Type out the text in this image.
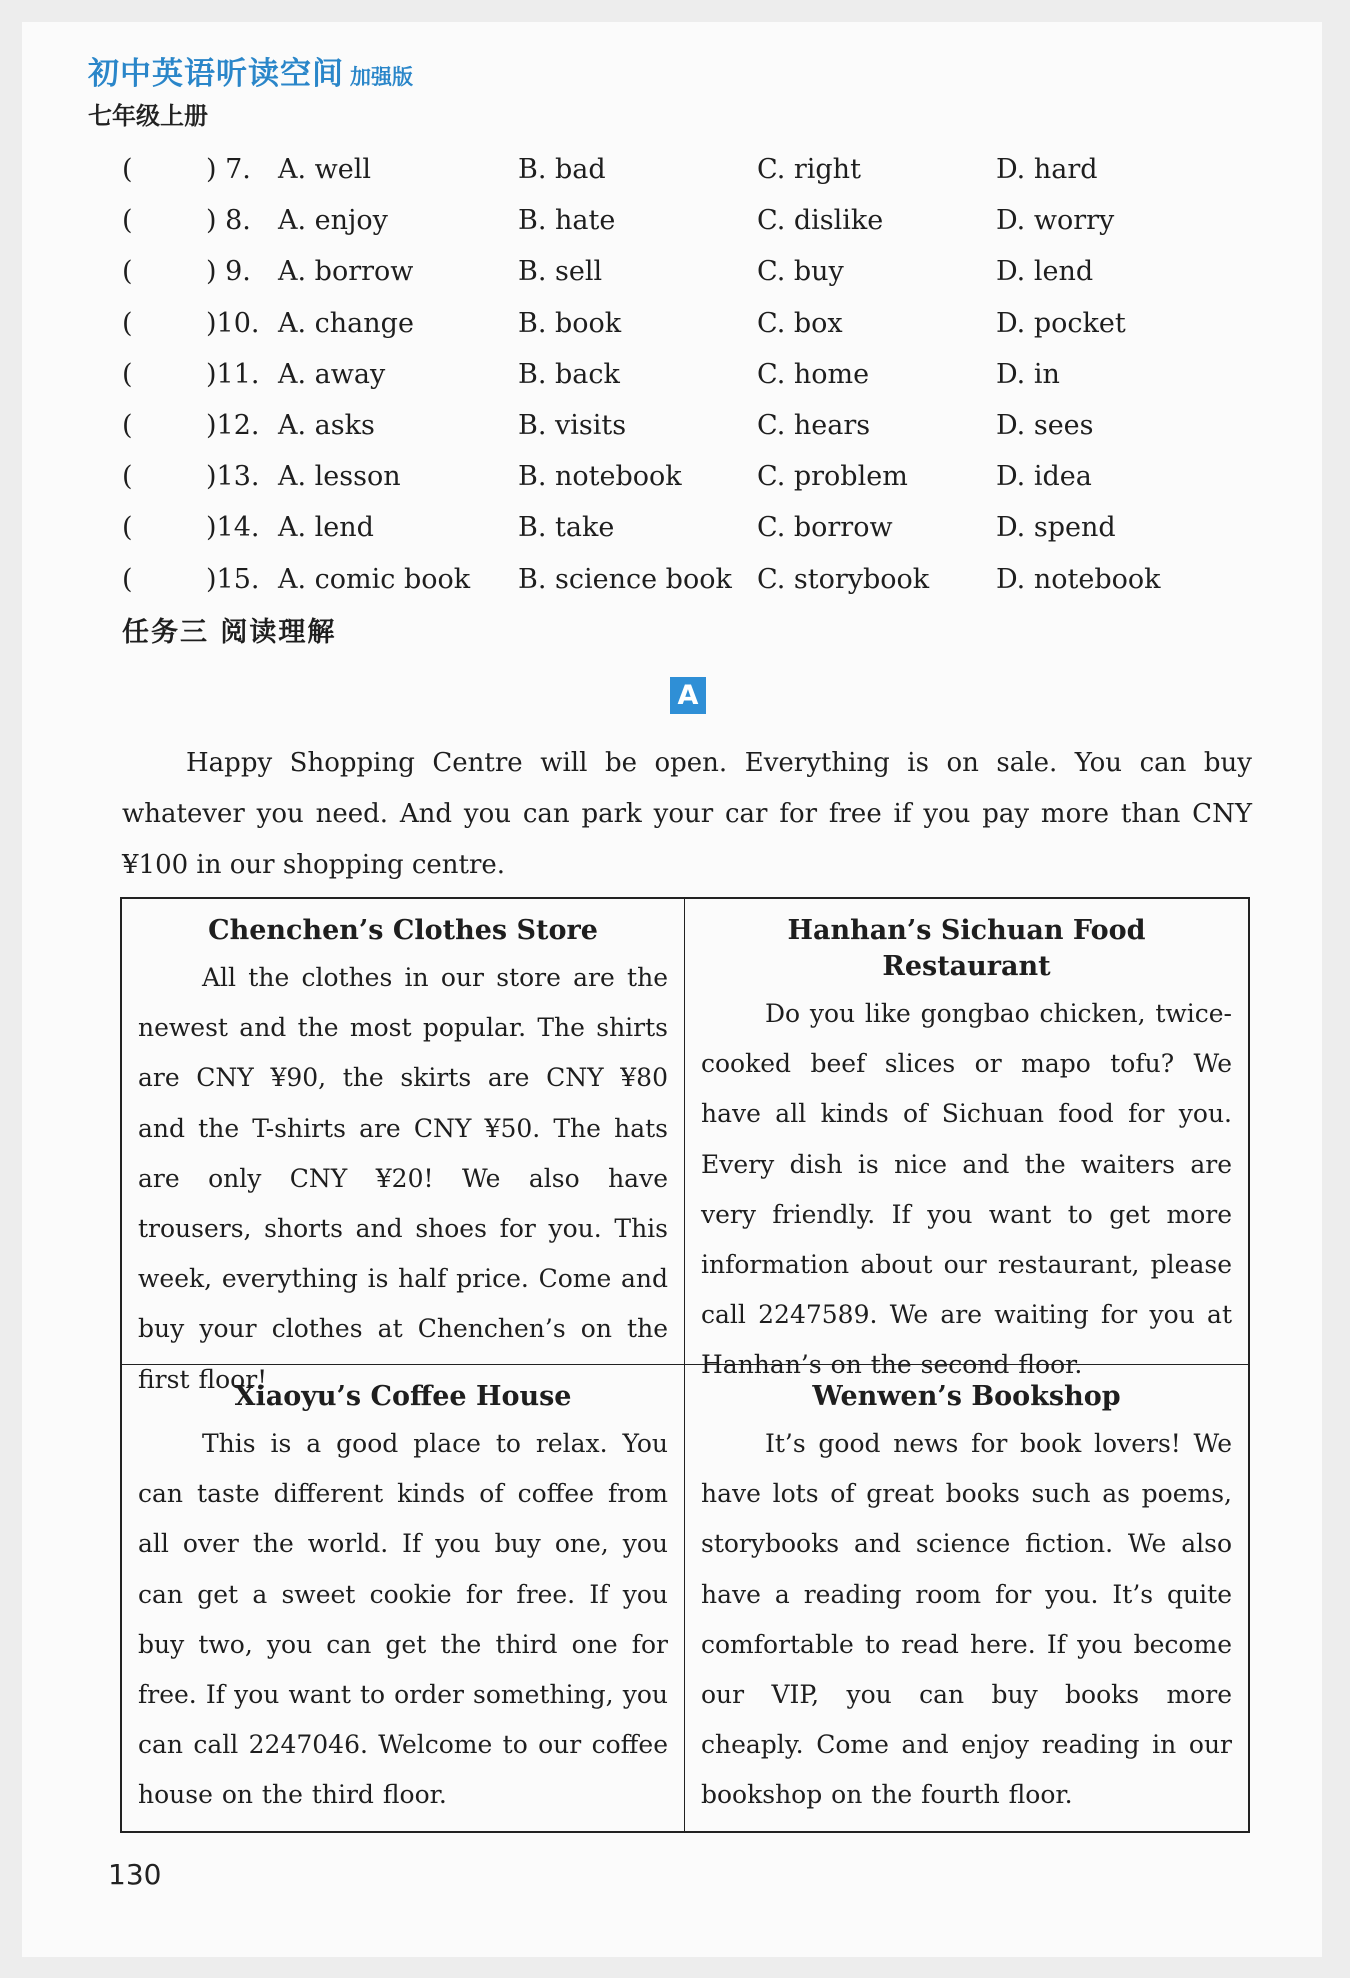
初中英语听读空间 加强版
七年级上册
(	) 7. A. well	B. bad	C. right	D. hard
(	) 8. A. enjoy	B. hate	C. dislike	D. worry
(	) 9. A. borrow	B. sell	C. buy	D. lend
(	)10. A. change	B. book	C. box	D. pocket
(	)11. A. away	B. back	C. home	D. in
(	)12. A. asks	B. visits	C. hears	D. sees
(	)13. A. lesson	B. notebook	C. problem	D. idea
(	)14. A. lend	B. take	C. borrow	D. spend
(	)15. A. comic book B. science book C. storybook D. notebook
任务三 阅读理解
A

Happy Shopping Centre will be open. Everything is on sale. You can buy whatever you need. And you can park your car for free if you pay more than CNY ¥100 in our shopping centre.

Chenchen’s Clothes Store
All the clothes in our store are the newest and the most popular. The shirts are CNY ¥90, the skirts are CNY ¥80 and the T-shirts are CNY ¥50. The hats are only CNY ¥20! We also have trousers, shorts and shoes for you. This week, everything is half price. Come and buy your clothes at Chenchen’s on the first floor!
Hanhan’s Sichuan Food Restaurant
Do you like gongbao chicken, twice-cooked beef slices or mapo tofu? We have all kinds of Sichuan food for you. Every dish is nice and the waiters are very friendly. If you want to get more information about our restaurant, please call 2247589. We are waiting for you at Hanhan’s on the second floor.
Xiaoyu’s Coffee House
This is a good place to relax. You can taste different kinds of coffee from all over the world. If you buy one, you can get a sweet cookie for free. If you buy two, you can get the third one for free. If you want to order something, you can call 2247046. Welcome to our coffee house on the third floor.
Wenwen’s Bookshop
It’s good news for book lovers! We have lots of great books such as poems, storybooks and science fiction. We also have a reading room for you. It’s quite comfortable to read here. If you become our VIP, you can buy books more cheaply. Come and enjoy reading in our bookshop on the fourth floor.
130
